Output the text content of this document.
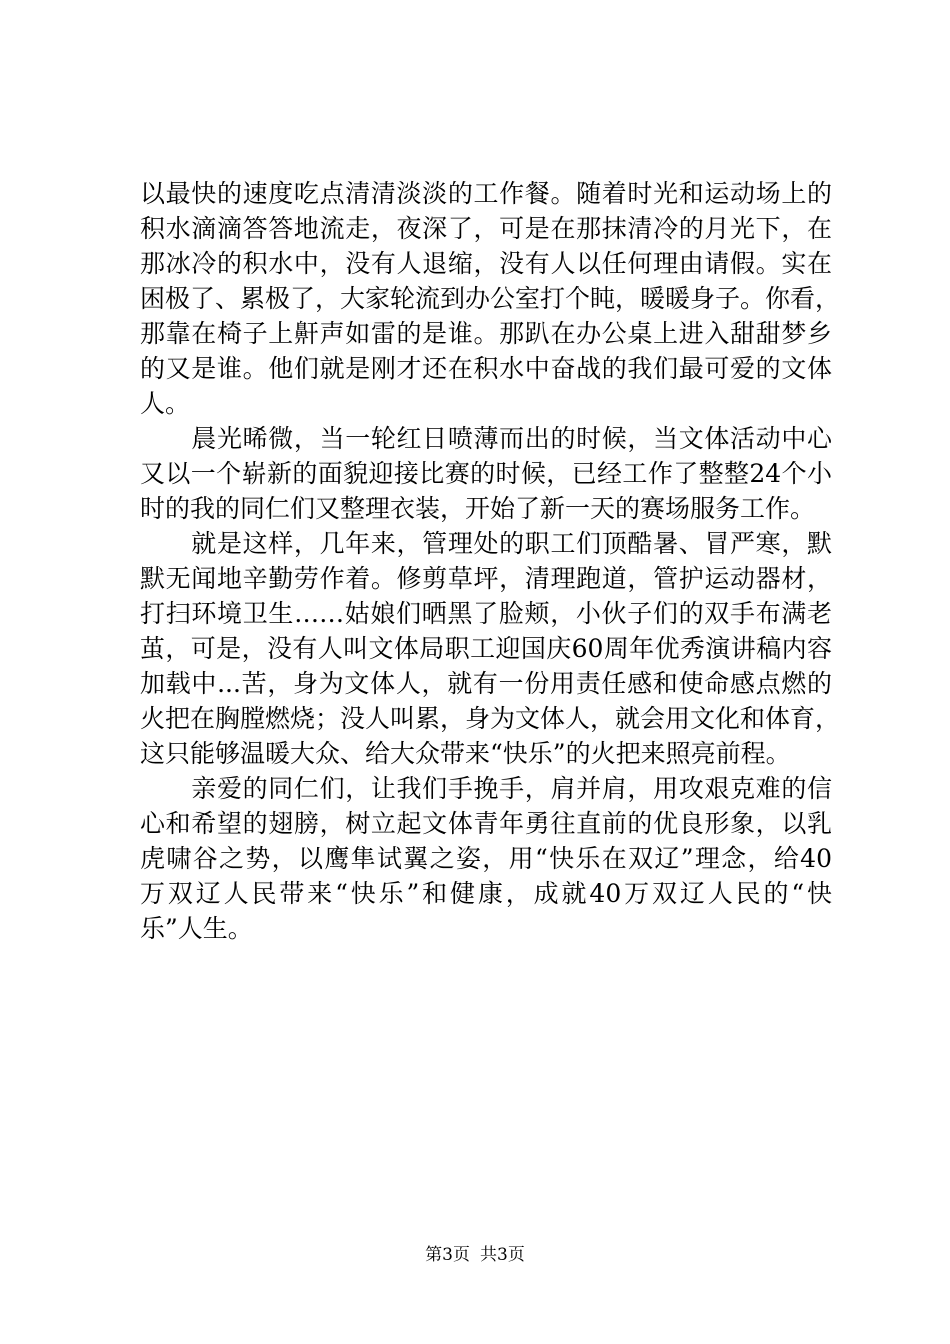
以最快的速度吃点清清淡淡的工作餐。随着时光和运动场上的
积水滴滴答答地流走，夜深了，可是在那抹清冷的月光下，在
那冰冷的积水中，没有人退缩，没有人以任何理由请假。实在
困极了、累极了，大家轮流到办公室打个盹，暖暖身子。你看，
那靠在椅子上鼾声如雷的是谁。那趴在办公桌上进入甜甜梦乡
的又是谁。他们就是刚才还在积水中奋战的我们最可爱的文体
人。
　　晨光晞微，当一轮红日喷薄而出的时候，当文体活动中心
又以一个崭新的面貌迎接比赛的时候，已经工作了整整24个小
时的我的同仁们又整理衣装，开始了新一天的赛场服务工作。
　　就是这样，几年来，管理处的职工们顶酷暑、冒严寒，默
默无闻地辛勤劳作着。修剪草坪，清理跑道，管护运动器材，
打扫环境卫生……姑娘们晒黑了脸颊，小伙子们的双手布满老
茧，可是，没有人叫文体局职工迎国庆60周年优秀演讲稿内容
加载中...苦，身为文体人，就有一份用责任感和使命感点燃的
火把在胸膛燃烧；没人叫累，身为文体人，就会用文化和体育，
这只能够温暖大众、给大众带来“快乐”的火把来照亮前程。
　　亲爱的同仁们，让我们手挽手，肩并肩，用攻艰克难的信
心和希望的翅膀，树立起文体青年勇往直前的优良形象，以乳
虎啸谷之势，以鹰隼试翼之姿，用“快乐在双辽”理念，给40
万双辽人民带来“快乐”和健康，成就40万双辽人民的“快
乐”人生。
第3页 共3页
